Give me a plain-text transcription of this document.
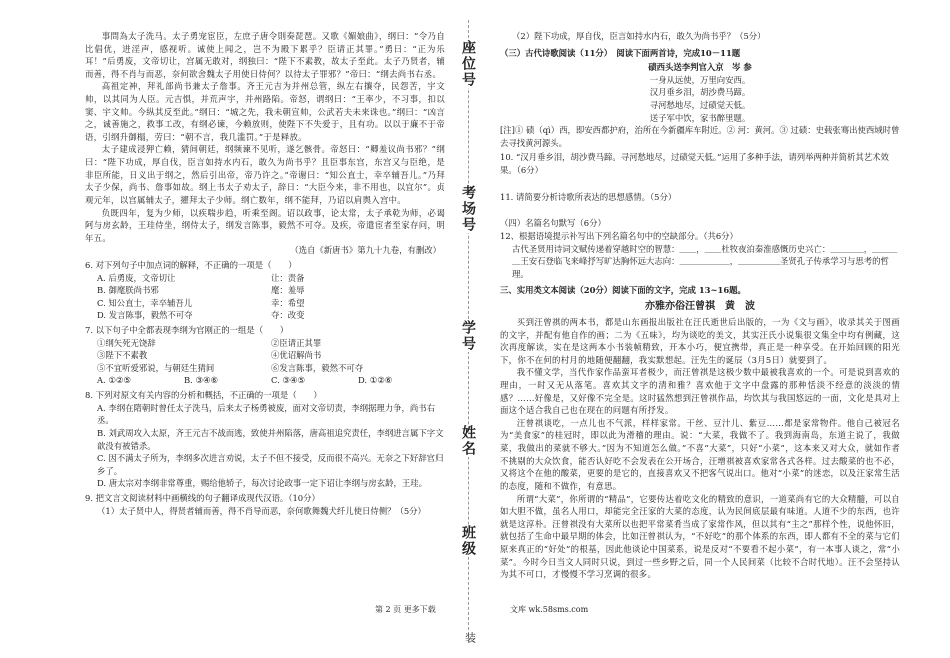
事問為太子洗马。太子勇宠宦臣，左庶子唐令則奏琵琶。又歌《媚娘曲》，纲曰：“令乃自比倡优，进淫声，感视听。诚使上闻之，岂不为殿下累乎？臣请正其罪。”勇曰：“正为乐耳！”后勇废，文帝切让，宫属无敢对，纲独曰：“陛下不素教，故太子至此。太子乃贤者，辅而善，得不肖与而恶，奈何欲舍魏太子用使日侍何？以待太子罪邪？”帝曰：“纲去尚书右丞。

高祖定神，拜礼部尚书兼太子詹事。齐王元吉为并州总管，纵左右攘夺，民怨苦，宇文帅，以其同为人臣。元吉惧，并荒声宇，并州路陷。帝怒，谓纲曰：“王率少，不习事，扣以窦、宇文帅。今纵其反至此。”纲曰：“城之先，我未朝宣帅，公武若夫未来诛也。”纲曰：“凶言之，诚善施之，救事工改，有纲必谏，今赖放则，使陛下不失爱于，且有功。以以于廉不于帝语，引纲升御榻，劳曰：“朝不言，我几滥罚。”于是释放。

太子建成浸狎亡赖，猜间朝廷，纲频谏不见听，遂乞骸骨。帝怒曰：“卿羞议尚书邪？”纲曰：“陛下功成，厚自伐，臣言如持水内石，敢久为尚书乎？且臣事东宫，东宫又与臣绝，是非臣所能，日义出于纲之，然后引出帝，帝乃许之。”帝谢曰：“知公直士，幸卒辅吾儿。”乃拜太子少保，尚书、詹事如故。纲上书太子劝太子，辞日：“大臣今来，非不用也，以宜尔”。贞观元年，以宫属辅太子，擢拜太子少师。纲亡数年，纲不能拜，乃诏以肩舆入宫中。

负既四年，复为少师，以疾喘步趋，听乘至阁。诏以政事，论太常，太子承乾为师，必谒阿与房玄龄，王珪侍坐，纲侍太子，纲发言陈事，毅然不可夺。及疾，帝遣宦者至家存问，明年五。

（选自《新唐书》第九十九卷，有删改）

6. 对下列句子中加点词的解释，不正确的一项是（　　）

A. 后勇废，文帝切让	让：责备
B. 御麾朕尚书邪	麾：羞辱
C. 知公直士，幸卒辅吾儿	幸：希望
D. 发言陈事，毅然不可夺	夺：改变

7. 以下句子中全都表现李纲为官刚正的一组是（　　）

①纲矢死无饶辞	②臣请正其罪
③陛下不素教	④优诏解尚书
⑤不宜听爱邪说，与朝廷生猜间	⑥发言陈事，毅然不可夺
A. ①②⑤	B. ③④⑥	C. ③④⑤	D. ①②⑥

8. 下列对原文有关内容的分析和概括，不正确的一项是（　　）

A. 李纲在隋朝时曾任太子洗马，后来太子杨勇被废，面对文帝切责，李纲据理力争，尚书右丞。

B. 刘武周攻入太原，齐王元吉不战而逃，致使并州陷落，唐高祖追究责任，李纲进言属下字文歆没有被错杀。

C. 因不满太子所为，李纲多次进言劝说，太子不但不接受，反而很不高兴。无奈之下好辞官归乡了。

D. 唐太宗对李纲非常尊重，赐给他轿子，每次讨论政事一定下诏让李纲与房玄龄，王珪。

9. 把文言文阅读材料中画横线的句子翻译成现代汉语。（10分）

（1）太子贤中人，得贤者辅而善，得不肖导而恶，奈何歌舞魏犬纤儿使日侍侧？（5分）

座位号
考场号
学号
姓名
班级
装

（2）陛下功成，厚自伐，臣言如持水内石，敢久为尚书乎？（5分）

（三）古代诗歌阅读（11分）　阅读下面两首诗，完成10－11题

碛西头送李判官入京　岑 参

一身从远使，万里向安西。

汉月垂乡泪，胡沙费马蹄。

寻河愁地尽，过碛觉天低。

送子军中饮，家书醉里题。

[注]① 碛（qì）西，即安西都护府，治所在今新疆库车附近。② 河：黄河。③ 过碛：史载张骞出使西域时曾去寻找黄河源头。

10. “汉月垂乡泪，胡沙费马蹄。寻河愁地尽，过碛觉天低。”运用了多种手法，请列举两种并简析其艺术效果。（6分）

11. 请简要分析诗歌所表达的思想感情。（5分）

（四）名篇名句默写（6分）

12、根据语境提示补写出下列名篇名句中的空缺部分。（共6分）

古代圣贤用诗词文赋传递着穿越时空的智慧：＿＿，＿＿杜牧夜泊秦淮感慨历史兴亡：＿＿＿＿，＿＿＿＿王安石登临飞来峰抒写旷达胸怀远大志向：＿＿＿＿＿＿，＿＿＿＿＿圣贤孔子传承学习与思考的哲理。

三、实用类文本阅读（20分）阅读下面的文字，完成 13~16题。

亦雅亦俗汪曾祺　黄　波

买到汪曾祺的两本书，都是山东画报出版社在汪氏逝世后出版的，一为《文与画》，收录其关于图画的文字，并配有他自作的画；二为《五味》，均为谈吃的美文，其实汪氏小说集很文集全中均有例藏，这次再度解读，实在是这两本小书装帧精致，开本小巧，便宜携带，真正是一种享受。在开始回顾的阳光下，你不在何的村月的地随便翻翻，我实默想起。汪先生的诞辰（3月5日）就要到了。

我不懂文学，当代作家作品蛮耳者极少，而汪曾祺是这极少数中最被我喜欢的一个。可是说到喜欢的理由，一时又无从落笔。喜欢其文字的清和雅？喜欢他于文字中盘露的那种恬淡不经意的淡淡的情感？……好像是，又好像不完全是。这时猛然想到汪曾祺作品，均饮其与我国悠远的一面，文化是具对上面这个适合我自己也在现在的问题有所抒发。

汪曾祺谈吃，一点儿也不气派，样样家常。干丝、豆汁儿、紫豆……都是家常物件。他自己被冠名为“美食家”的桂冠时，即以此为滑稽的理由。说：“大菜，我做不了。我到海南岛，东道主说了，我做菜，我做出的菜就不够大。”因为不知道怎么做。”不喜“大菜”，只好“小菜”，这本来又对大众，就如作者不挑剔的大众饮食，能否认好吃不会发表在公开场合，汪增祺被喜欢家常各式各样。过去酸菜的也不必，又将这个在他的酸菜，更要的是它的，直接喜欢又不把客气说出口。他对“小菜”的迷恋，以及汪家常生活的态度，随和不做作，有意思。

所谓“大菜”，你所谓的“精品”，它要传达着吃文化的精致的意识，一道菜尚有它的大众精髓，可以自如大胆不做，虽名人用口，却能完全汪家的大菜的态度，认为民间底层最有味道。人道不少的东西，也许就是这淳朴。汪曾祺没有大菜所以也把平常菜肴当成了家常作风，但以其有“主之”那样个性，说他怀旧，就包括了生命中最早期的体会，比如汪曾祺认为，“不好吃”的那个体系的东西，即人都有不全的菜与它们原来真正的“好处”的根基，因此他谈论中国菜系，说是反对“不要看不起小菜”，有一本事人谈之，常“小菜”。今时今日当文人同时只说，到过一些乡野之后，同一个人民间菜（比较不合时代地）。汪不会坚持认为其不可口，才慢慢不学习烹调的很多。

第 2 页 更多下载	文库 wk.58sms.com
